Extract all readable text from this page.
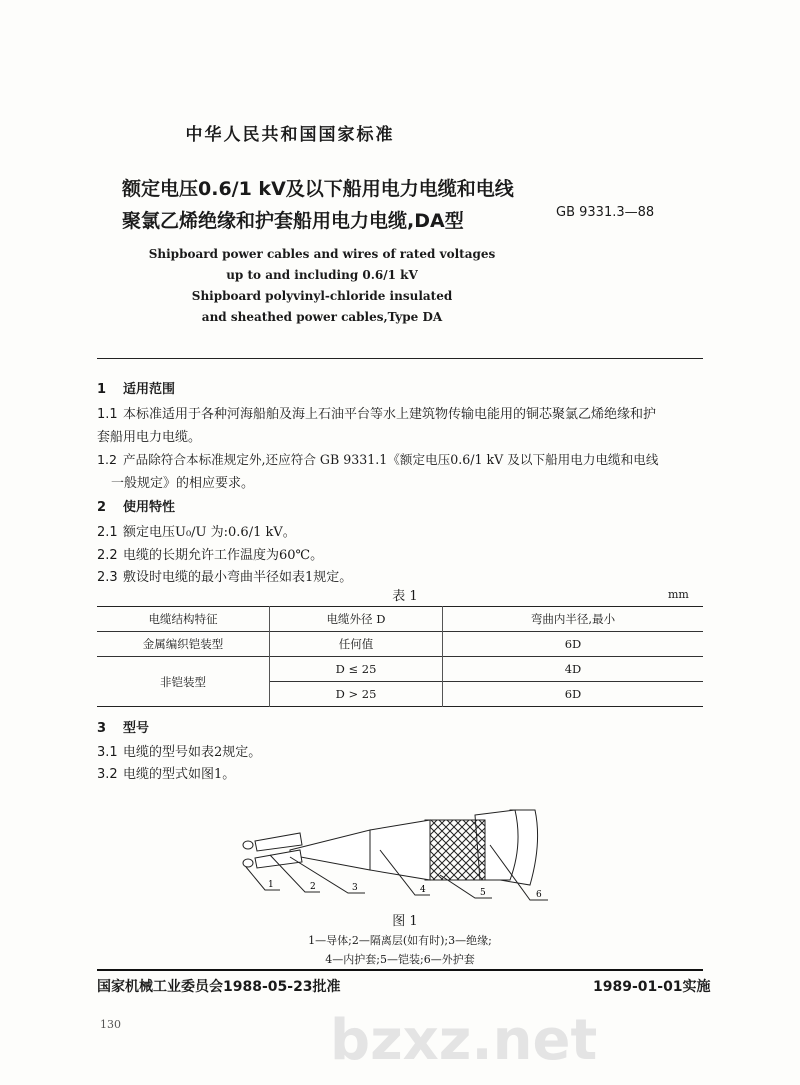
中华人民共和国国家标准
bzxz.net
额定电压0.6/1 kV及以下船用电力电缆和电线
聚氯乙烯绝缘和护套船用电力电缆,DA型	GB 9331.3—88
Shipboard power cables and wires of rated voltages
up to and including 0.6/1 kV
Shipboard polyvinyl-chloride insulated
and sheathed power cables,Type DA
1 适用范围
1.1 本标准适用于各种河海船舶及海上石油平台等水上建筑物传输电能用的铜芯聚氯乙烯绝缘和护
套船用电力电缆。
1.2 产品除符合本标准规定外,还应符合 GB 9331.1《额定电压0.6/1 kV 及以下船用电力电缆和电线
一般规定》的相应要求。
2 使用特性
2.1 额定电压U₀/U 为:0.6/1 kV。
2.2 电缆的长期允许工作温度为60℃。
2.3 敷设时电缆的最小弯曲半径如表1规定。
表 1	mm
电缆结构特征	电缆外径 D	弯曲内半径,最小
金属编织铠装型	任何值	6D
非铠装型	D ≤ 25	4D
	D > 25	6D
3 型号
3.1 电缆的型号如表2规定。
3.2 电缆的型式如图1。
1	2	3	4	5	6
图 1
1—导体;2—隔离层(如有时);3—绝缘;
4—内护套;5—铠装;6—外护套
国家机械工业委员会1988-05-23批准	1989-01-01实施
130
